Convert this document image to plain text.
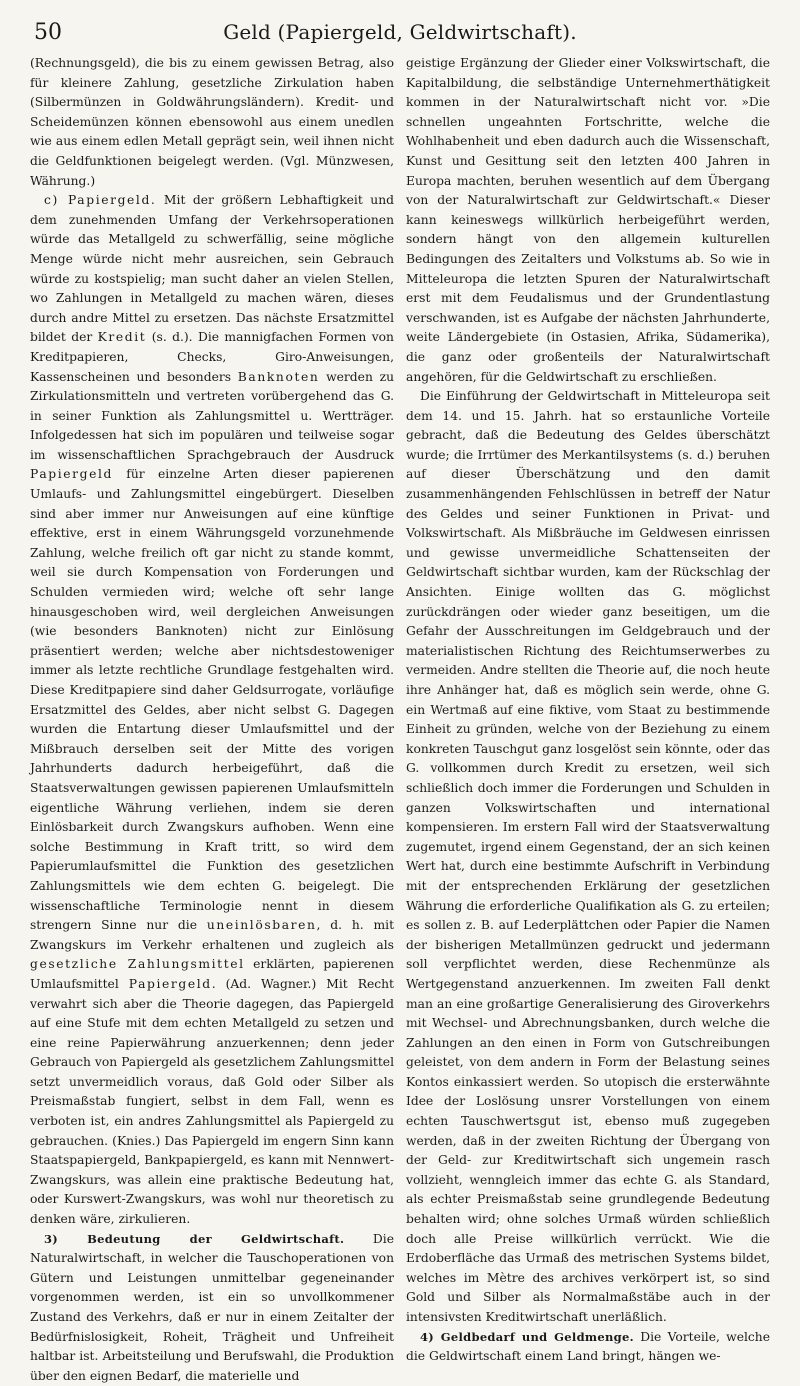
50	Geld (Papiergeld, Geldwirtschaft).

(Rechnungsgeld), die bis zu einem gewissen Betrag, also für kleinere Zahlung, gesetzliche Zirkulation haben (Silbermünzen in Goldwährungsländern). Kredit- und Scheidemünzen können ebensowohl aus einem unedlen wie aus einem edlen Metall geprägt sein, weil ihnen nicht die Geldfunktionen beigelegt werden. (Vgl. Münzwesen, Währung.)

c) Papiergeld. Mit der größern Lebhaftigkeit und dem zunehmenden Umfang der Verkehrsoperationen würde das Metallgeld zu schwerfällig, seine mögliche Menge würde nicht mehr ausreichen, sein Gebrauch würde zu kostspielig; man sucht daher an vielen Stellen, wo Zahlungen in Metallgeld zu machen wären, dieses durch andre Mittel zu ersetzen. Das nächste Ersatzmittel bildet der Kredit (s. d.). Die mannigfachen Formen von Kreditpapieren, Checks, Giro-Anweisungen, Kassenscheinen und besonders Banknoten werden zu Zirkulationsmitteln und vertreten vorübergehend das G. in seiner Funktion als Zahlungsmittel u. Wertträger. Infolgedessen hat sich im populären und teilweise sogar im wissenschaftlichen Sprachgebrauch der Ausdruck Papiergeld für einzelne Arten dieser papierenen Umlaufs- und Zahlungsmittel eingebürgert. Dieselben sind aber immer nur Anweisungen auf eine künftige effektive, erst in einem Währungsgeld vorzunehmende Zahlung, welche freilich oft gar nicht zu stande kommt, weil sie durch Kompensation von Forderungen und Schulden vermieden wird; welche oft sehr lange hinausgeschoben wird, weil dergleichen Anweisungen (wie besonders Banknoten) nicht zur Einlösung präsentiert werden; welche aber nichtsdestoweniger immer als letzte rechtliche Grundlage festgehalten wird. Diese Kreditpapiere sind daher Geldsurrogate, vorläufige Ersatzmittel des Geldes, aber nicht selbst G. Dagegen wurden die Entartung dieser Umlaufsmittel und der Mißbrauch derselben seit der Mitte des vorigen Jahrhunderts dadurch herbeigeführt, daß die Staatsverwaltungen gewissen papierenen Umlaufsmitteln eigentliche Währung verliehen, indem sie deren Einlösbarkeit durch Zwangskurs aufhoben. Wenn eine solche Bestimmung in Kraft tritt, so wird dem Papierumlaufsmittel die Funktion des gesetzlichen Zahlungsmittels wie dem echten G. beigelegt. Die wissenschaftliche Terminologie nennt in diesem strengern Sinne nur die uneinlösbaren, d. h. mit Zwangskurs im Verkehr erhaltenen und zugleich als gesetzliche Zahlungsmittel erklärten, papierenen Umlaufsmittel Papiergeld. (Ad. Wagner.) Mit Recht verwahrt sich aber die Theorie dagegen, das Papiergeld auf eine Stufe mit dem echten Metallgeld zu setzen und eine reine Papierwährung anzuerkennen; denn jeder Gebrauch von Papiergeld als gesetzlichem Zahlungsmittel setzt unvermeidlich voraus, daß Gold oder Silber als Preismaßstab fungiert, selbst in dem Fall, wenn es verboten ist, ein andres Zahlungsmittel als Papiergeld zu gebrauchen. (Knies.) Das Papiergeld im engern Sinn kann Staatspapiergeld, Bankpapiergeld, es kann mit Nennwert-Zwangskurs, was allein eine praktische Bedeutung hat, oder Kurswert-Zwangskurs, was wohl nur theoretisch zu denken wäre, zirkulieren.

3) Bedeutung der Geldwirtschaft. Die Naturalwirtschaft, in welcher die Tauschoperationen von Gütern und Leistungen unmittelbar gegeneinander vorgenommen werden, ist ein so unvollkommener Zustand des Verkehrs, daß er nur in einem Zeitalter der Bedürfnislosigkeit, Roheit, Trägheit und Unfreiheit haltbar ist. Arbeitsteilung und Berufswahl, die Produktion über den eignen Bedarf, die materielle und

geistige Ergänzung der Glieder einer Volkswirtschaft, die Kapitalbildung, die selbständige Unternehmerthätigkeit kommen in der Naturalwirtschaft nicht vor. »Die schnellen ungeahnten Fortschritte, welche die Wohlhabenheit und eben dadurch auch die Wissenschaft, Kunst und Gesittung seit den letzten 400 Jahren in Europa machten, beruhen wesentlich auf dem Übergang von der Naturalwirtschaft zur Geldwirtschaft.« Dieser kann keineswegs willkürlich herbeigeführt werden, sondern hängt von den allgemein kulturellen Bedingungen des Zeitalters und Volkstums ab. So wie in Mitteleuropa die letzten Spuren der Naturalwirtschaft erst mit dem Feudalismus und der Grundentlastung verschwanden, ist es Aufgabe der nächsten Jahrhunderte, weite Ländergebiete (in Ostasien, Afrika, Südamerika), die ganz oder großenteils der Naturalwirtschaft angehören, für die Geldwirtschaft zu erschließen.

Die Einführung der Geldwirtschaft in Mitteleuropa seit dem 14. und 15. Jahrh. hat so erstaunliche Vorteile gebracht, daß die Bedeutung des Geldes überschätzt wurde; die Irrtümer des Merkantilsystems (s. d.) beruhen auf dieser Überschätzung und den damit zusammenhängenden Fehlschlüssen in betreff der Natur des Geldes und seiner Funktionen in Privat- und Volkswirtschaft. Als Mißbräuche im Geldwesen einrissen und gewisse unvermeidliche Schattenseiten der Geldwirtschaft sichtbar wurden, kam der Rückschlag der Ansichten. Einige wollten das G. möglichst zurückdrängen oder wieder ganz beseitigen, um die Gefahr der Ausschreitungen im Geldgebrauch und der materialistischen Richtung des Reichtumserwerbes zu vermeiden. Andre stellten die Theorie auf, die noch heute ihre Anhänger hat, daß es möglich sein werde, ohne G. ein Wertmaß auf eine fiktive, vom Staat zu bestimmende Einheit zu gründen, welche von der Beziehung zu einem konkreten Tauschgut ganz losgelöst sein könnte, oder das G. vollkommen durch Kredit zu ersetzen, weil sich schließlich doch immer die Forderungen und Schulden in ganzen Volkswirtschaften und international kompensieren. Im erstern Fall wird der Staatsverwaltung zugemutet, irgend einem Gegenstand, der an sich keinen Wert hat, durch eine bestimmte Aufschrift in Verbindung mit der entsprechenden Erklärung der gesetzlichen Währung die erforderliche Qualifikation als G. zu erteilen; es sollen z. B. auf Lederplättchen oder Papier die Namen der bisherigen Metallmünzen gedruckt und jedermann soll verpflichtet werden, diese Rechenmünze als Wertgegenstand anzuerkennen. Im zweiten Fall denkt man an eine großartige Generalisierung des Giroverkehrs mit Wechsel- und Abrechnungsbanken, durch welche die Zahlungen an den einen in Form von Gutschreibungen geleistet, von dem andern in Form der Belastung seines Kontos einkassiert werden. So utopisch die ersterwähnte Idee der Loslösung unsrer Vorstellungen von einem echten Tauschwertsgut ist, ebenso muß zugegeben werden, daß in der zweiten Richtung der Übergang von der Geld- zur Kreditwirtschaft sich ungemein rasch vollzieht, wenngleich immer das echte G. als Standard, als echter Preismaßstab seine grundlegende Bedeutung behalten wird; ohne solches Urmaß würden schließlich doch alle Preise willkürlich verrückt. Wie die Erdoberfläche das Urmaß des metrischen Systems bildet, welches im Mètre des archives verkörpert ist, so sind Gold und Silber als Normalmaßstäbe auch in der intensivsten Kreditwirtschaft unerläßlich.

4) Geldbedarf und Geldmenge. Die Vorteile, welche die Geldwirtschaft einem Land bringt, hängen we-
